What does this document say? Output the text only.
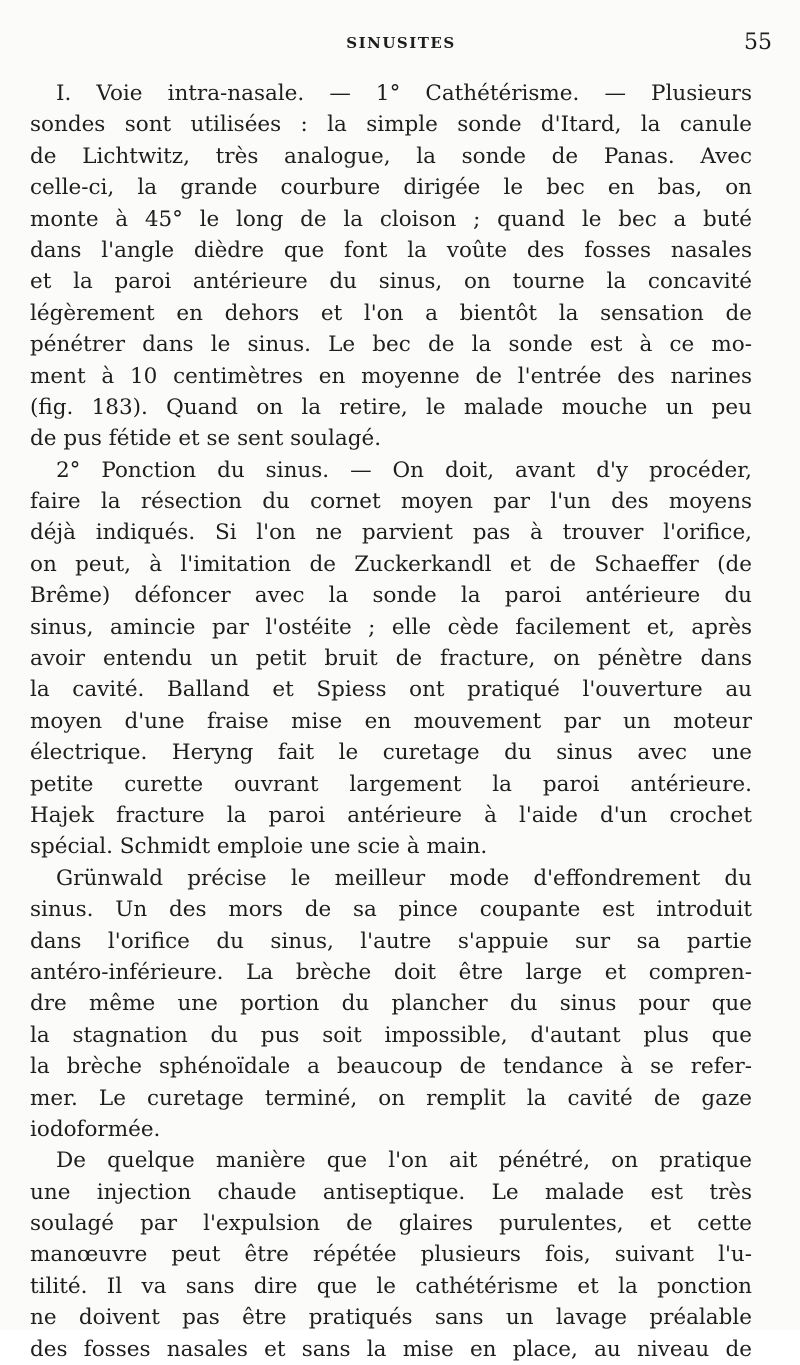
SINUSITES	55
I. Voie intra-nasale. — 1° Cathétérisme. — Plusieurs
sondes sont utilisées : la simple sonde d'Itard, la canule
de Lichtwitz, très analogue, la sonde de Panas. Avec
celle-ci, la grande courbure dirigée le bec en bas, on
monte à 45° le long de la cloison ; quand le bec a buté
dans l'angle dièdre que font la voûte des fosses nasales
et la paroi antérieure du sinus, on tourne la concavité
légèrement en dehors et l'on a bientôt la sensation de
pénétrer dans le sinus. Le bec de la sonde est à ce mo-
ment à 10 centimètres en moyenne de l'entrée des narines
(fig. 183). Quand on la retire, le malade mouche un peu
de pus fétide et se sent soulagé.
2° Ponction du sinus. — On doit, avant d'y procéder,
faire la résection du cornet moyen par l'un des moyens
déjà indiqués. Si l'on ne parvient pas à trouver l'orifice,
on peut, à l'imitation de Zuckerkandl et de Schaeffer (de
Brême) défoncer avec la sonde la paroi antérieure du
sinus, amincie par l'ostéite ; elle cède facilement et, après
avoir entendu un petit bruit de fracture, on pénètre dans
la cavité. Balland et Spiess ont pratiqué l'ouverture au
moyen d'une fraise mise en mouvement par un moteur
électrique. Heryng fait le curetage du sinus avec une
petite curette ouvrant largement la paroi antérieure.
Hajek fracture la paroi antérieure à l'aide d'un crochet
spécial. Schmidt emploie une scie à main.
Grünwald précise le meilleur mode d'effondrement du
sinus. Un des mors de sa pince coupante est introduit
dans l'orifice du sinus, l'autre s'appuie sur sa partie
antéro-inférieure. La brèche doit être large et compren-
dre même une portion du plancher du sinus pour que
la stagnation du pus soit impossible, d'autant plus que
la brèche sphénoïdale a beaucoup de tendance à se refer-
mer. Le curetage terminé, on remplit la cavité de gaze
iodoformée.
De quelque manière que l'on ait pénétré, on pratique
une injection chaude antiseptique. Le malade est très
soulagé par l'expulsion de glaires purulentes, et cette
manœuvre peut être répétée plusieurs fois, suivant l'u-
tilité. Il va sans dire que le cathétérisme et la ponction
ne doivent pas être pratiqués sans un lavage préalable
des fosses nasales et sans la mise en place, au niveau de
